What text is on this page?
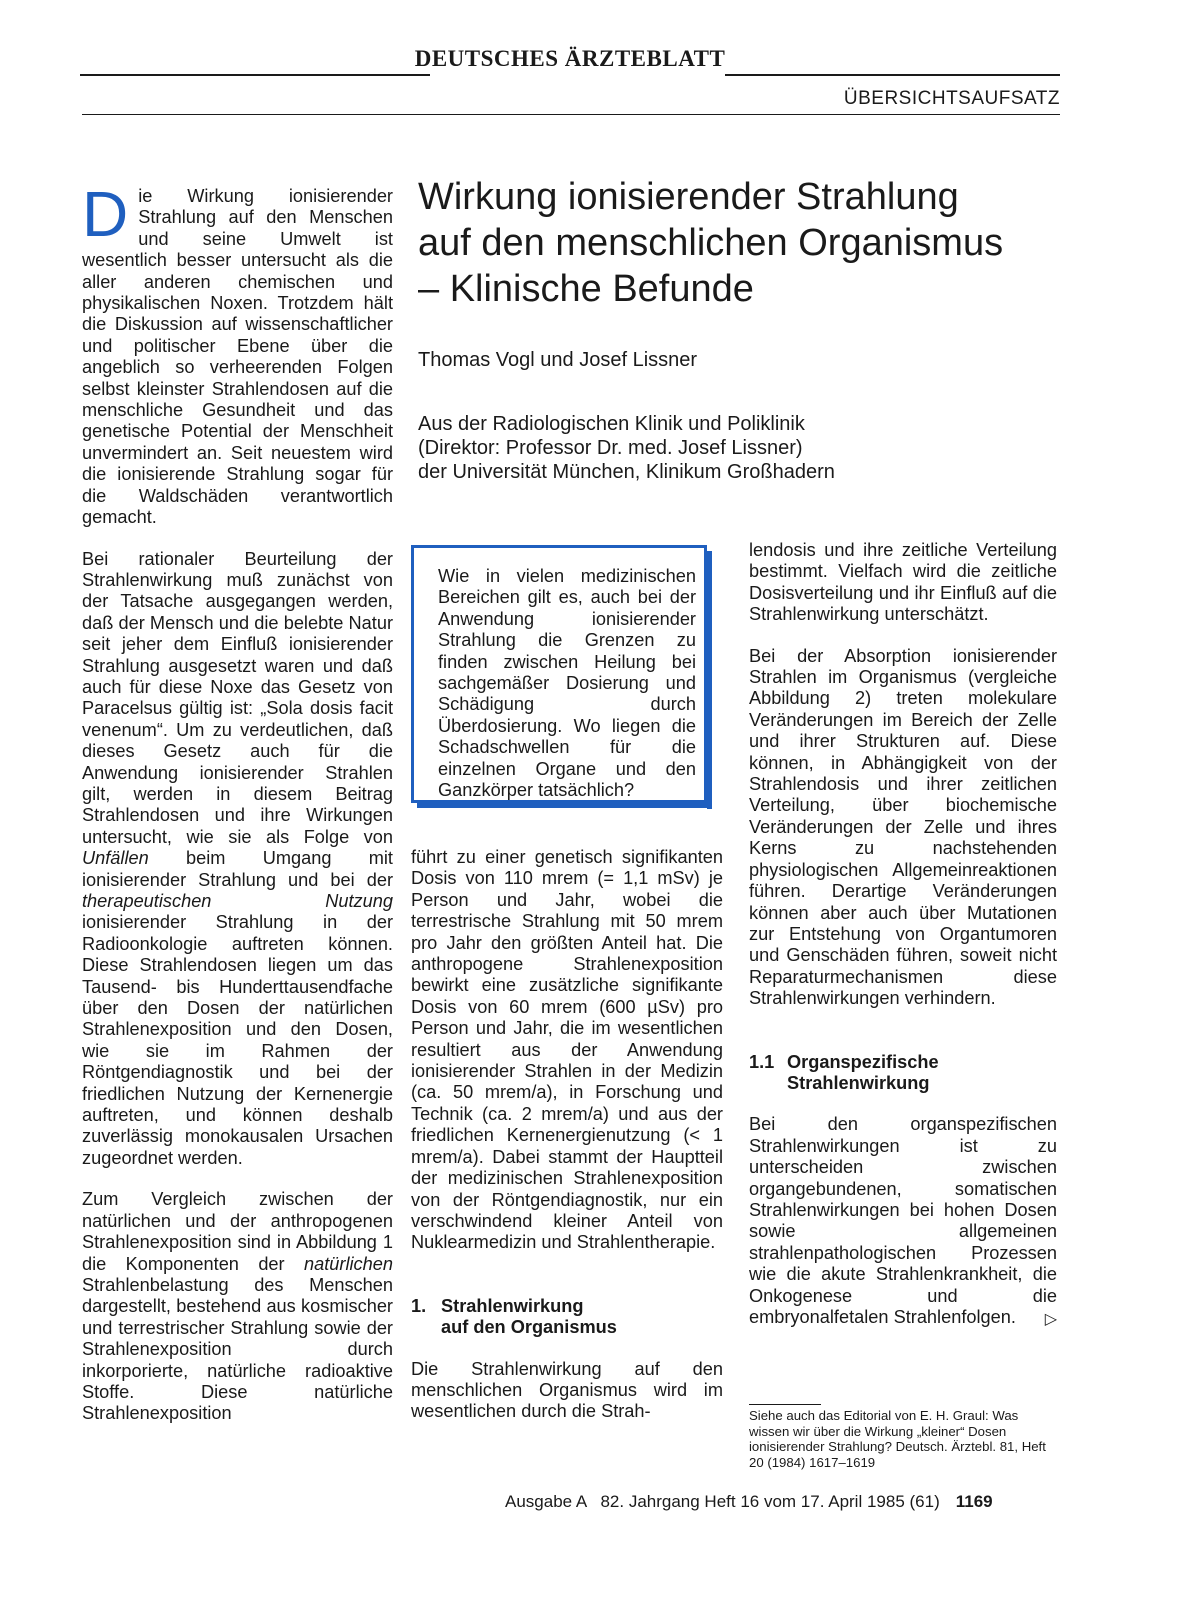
DEUTSCHES ÄRZTEBLATT
ÜBERSICHTSAUFSATZ

Die Wirkung ionisierender Strahlung auf den Menschen und seine Umwelt ist wesentlich besser untersucht als die aller anderen chemischen und physikalischen Noxen. Trotzdem hält die Diskussion auf wissenschaftlicher und politischer Ebene über die angeblich so verheerenden Folgen selbst kleinster Strahlendosen auf die menschliche Gesundheit und das genetische Potential der Menschheit unvermindert an. Seit neuestem wird die ionisierende Strahlung sogar für die Waldschäden verantwortlich gemacht.

Bei rationaler Beurteilung der Strahlenwirkung muß zunächst von der Tatsache ausgegangen werden, daß der Mensch und die belebte Natur seit jeher dem Einfluß ionisierender Strahlung ausgesetzt waren und daß auch für diese Noxe das Gesetz von Paracelsus gültig ist: „Sola dosis facit venenum“. Um zu verdeutlichen, daß dieses Gesetz auch für die Anwendung ionisierender Strahlen gilt, werden in diesem Beitrag Strahlendosen und ihre Wirkungen untersucht, wie sie als Folge von Unfällen beim Umgang mit ionisierender Strahlung und bei der therapeutischen Nutzung ionisierender Strahlung in der Radioonkologie auftreten können. Diese Strahlendosen liegen um das Tausend- bis Hunderttausendfache über den Dosen der natürlichen Strahlenexposition und den Dosen, wie sie im Rahmen der Röntgendiagnostik und bei der friedlichen Nutzung der Kernenergie auftreten, und können deshalb zuverlässig monokausalen Ursachen zugeordnet werden.

Zum Vergleich zwischen der natürlichen und der anthropogenen Strahlenexposition sind in Abbildung 1 die Komponenten der natürlichen Strahlenbelastung des Menschen dargestellt, bestehend aus kosmischer und terrestrischer Strahlung sowie der Strahlenexposition durch inkorporierte, natürliche radioaktive Stoffe. Diese natürliche Strahlenexposition

Wirkung ionisierender Strahlung
auf den menschlichen Organismus
– Klinische Befunde
Thomas Vogl und Josef Lissner
Aus der Radiologischen Klinik und Poliklinik
(Direktor: Professor Dr. med. Josef Lissner)
der Universität München, Klinikum Großhadern
Wie in vielen medizinischen Bereichen gilt es, auch bei der Anwendung ionisierender Strahlung die Grenzen zu finden zwischen Heilung bei sachgemäßer Dosierung und Schädigung durch Überdosierung. Wo liegen die Schadschwellen für die einzelnen Organe und den Ganzkörper tatsächlich?

führt zu einer genetisch signifikanten Dosis von 110 mrem (= 1,1 mSv) je Person und Jahr, wobei die terrestrische Strahlung mit 50 mrem pro Jahr den größten Anteil hat. Die anthropogene Strahlenexposition bewirkt eine zusätzliche signifikante Dosis von 60 mrem (600 µSv) pro Person und Jahr, die im wesentlichen resultiert aus der Anwendung ionisierender Strahlen in der Medizin (ca. 50 mrem/a), in Forschung und Technik (ca. 2 mrem/a) und aus der friedlichen Kernenergienutzung (< 1 mrem/a). Dabei stammt der Hauptteil der medizinischen Strahlenexposition von der Röntgendiagnostik, nur ein verschwindend kleiner Anteil von Nuklearmedizin und Strahlentherapie.

1. Strahlenwirkung
auf den Organismus

Die Strahlenwirkung auf den menschlichen Organismus wird im wesentlichen durch die Strah-

lendosis und ihre zeitliche Verteilung bestimmt. Vielfach wird die zeitliche Dosisverteilung und ihr Einfluß auf die Strahlenwirkung unterschätzt.

Bei der Absorption ionisierender Strahlen im Organismus (vergleiche Abbildung 2) treten molekulare Veränderungen im Bereich der Zelle und ihrer Strukturen auf. Diese können, in Abhängigkeit von der Strahlendosis und ihrer zeitlichen Verteilung, über biochemische Veränderungen der Zelle und ihres Kerns zu nachstehenden physiologischen Allgemeinreaktionen führen. Derartige Veränderungen können aber auch über Mutationen zur Entstehung von Organtumoren und Genschäden führen, soweit nicht Reparaturmechanismen diese Strahlenwirkungen verhindern.

1.1 Organspezifische
Strahlenwirkung

Bei den organspezifischen Strahlenwirkungen ist zu unterscheiden zwischen organgebundenen, somatischen Strahlenwirkungen bei hohen Dosen sowie allgemeinen strahlenpathologischen Prozessen wie die akute Strahlenkrankheit, die Onkogenese und die embryonalfetalen Strahlenfolgen. ▷

Siehe auch das Editorial von E. H. Graul: Was wissen wir über die Wirkung „kleiner“ Dosen ionisierender Strahlung? Deutsch. Ärztebl. 81, Heft 20 (1984) 1617–1619
Ausgabe A   82. Jahrgang Heft 16 vom 17. April 1985 (61) 1169
